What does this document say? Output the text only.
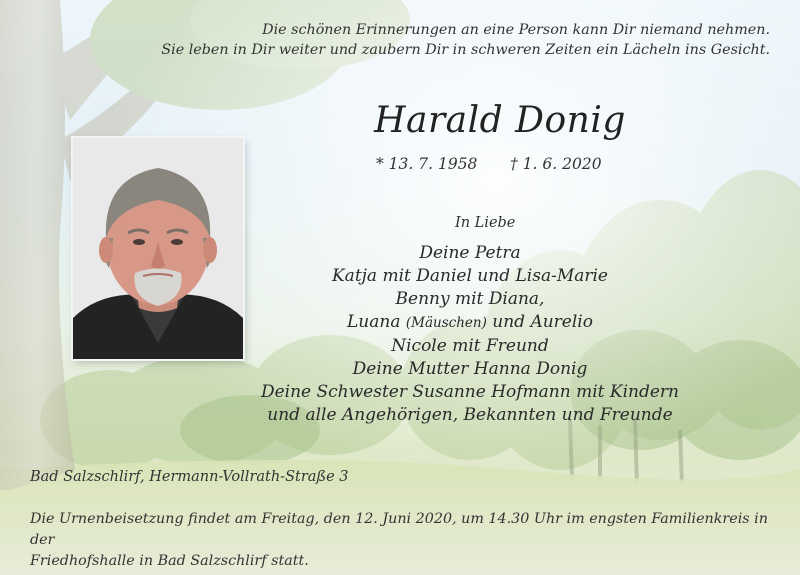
Die schönen Erinnerungen an eine Person kann Dir niemand nehmen.
Sie leben in Dir weiter und zaubern Dir in schweren Zeiten ein Lächeln ins Gesicht.
Harald Donig
* 13. 7. 1958 † 1. 6. 2020
In Liebe
Deine Petra
Katja mit Daniel und Lisa-Marie
Benny mit Diana,
Luana (Mäuschen) und Aurelio
Nicole mit Freund
Deine Mutter Hanna Donig
Deine Schwester Susanne Hofmann mit Kindern
und alle Angehörigen, Bekannten und Freunde
Bad Salzschlirf, Hermann-Vollrath-Straße 3
Die Urnenbeisetzung findet am Freitag, den 12. Juni 2020, um 14.30 Uhr im engsten Familienkreis in der
Friedhofshalle in Bad Salzschlirf statt.
